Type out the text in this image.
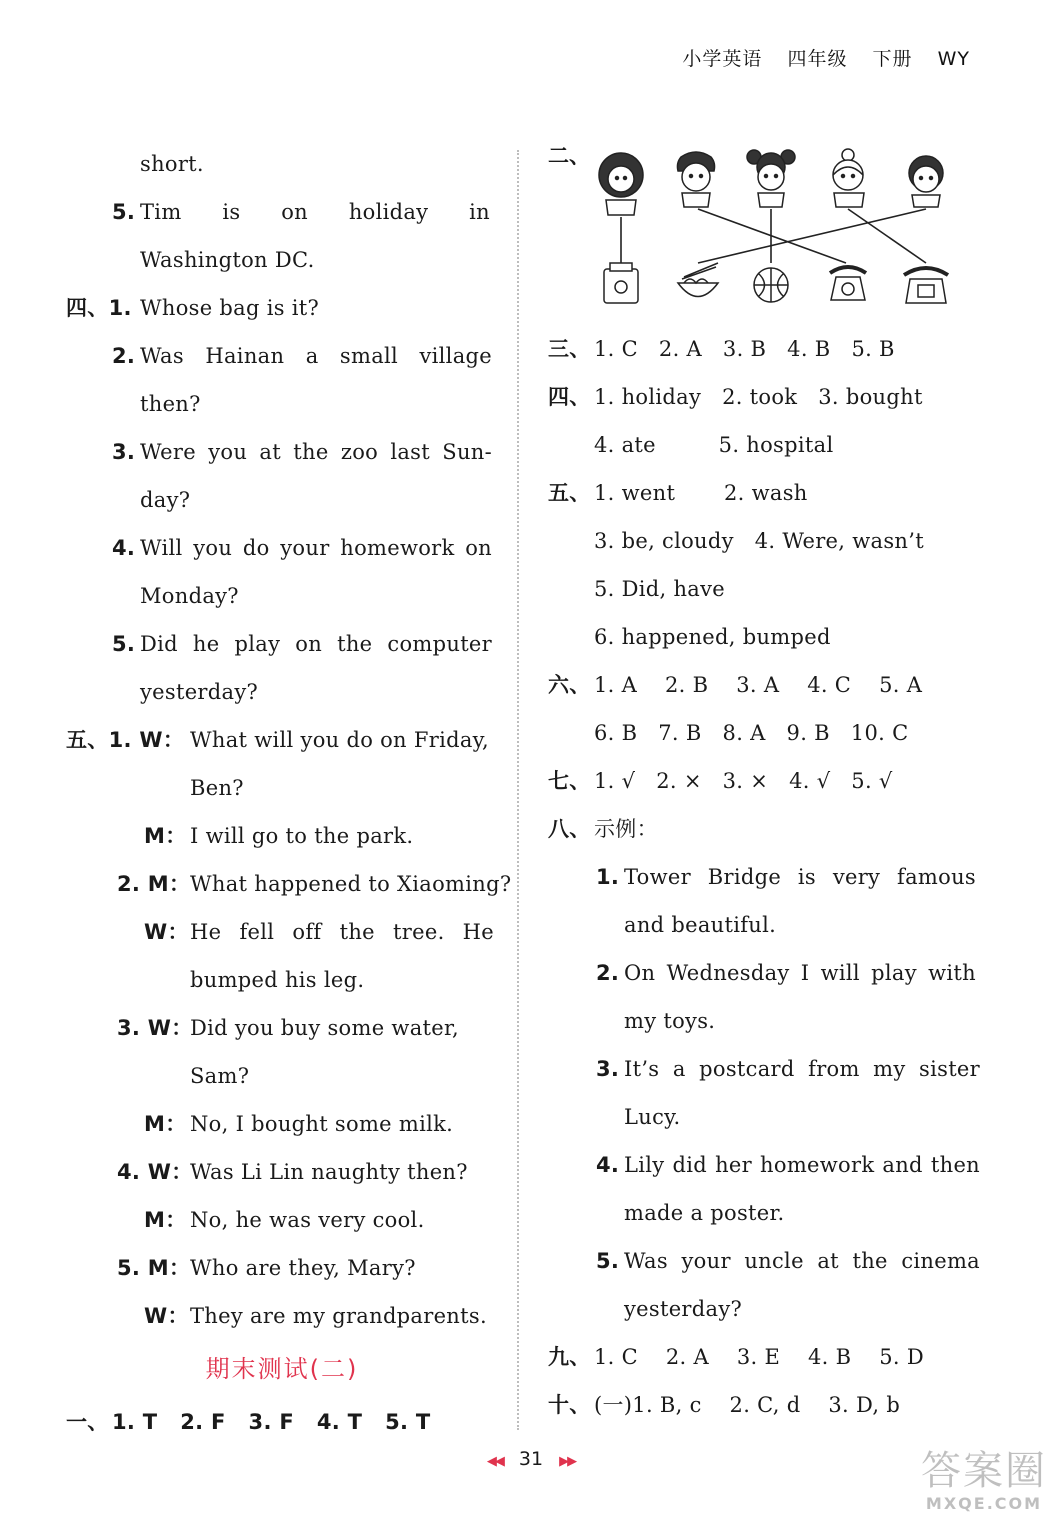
小学英语 四年级 下册 WY
short.
5. Tim is on holiday in
Washington DC.
四、1. Whose bag is it?
2. Was Hainan a small village
then?
3. Were you at the zoo last Sun-
day?
4. Will you do your homework on
Monday?
5. Did he play on the computer
yesterday?
五、1. W： What will you do on Friday,
Ben?
M： I will go to the park.
2. M： What happened to Xiaoming?
W： He fell off the tree. He
bumped his leg.
3. W：
Did you buy some water,
Sam?
M： No, I bought some milk.
4. W：
Was Li Lin naughty then?
M： No, he was very cool.
5. M： Who are they, Mary?
W： They are my grandparents.
期末测试(二)
一、 1. T   2. F   3. F   4. T   5. T
二、
三、 1. C   2. A   3. B   4. B   5. B
四、 1. holiday   2. took   3. bought
4. ate         5. hospital
五、 1. went       2. wash
3. be, cloudy   4. Were, wasn’t
5. Did, have
6. happened, bumped
六、 1. A    2. B    3. A    4. C    5. A
6. B   7. B   8. A   9. B   10. C
七、 1. √   2. ×   3. ×   4. √   5. √
八、 示例：
1. Tower Bridge is very famous
and beautiful.
2. On Wednesday I will play with
my toys.
3. It’s a postcard from my sister
Lucy.
4. Lily did her homework and then
made a poster.
5. Was your uncle at the cinema
yesterday?
九、 1. C    2. A    3. E    4. B    5. D
十、 (一)1. B, c    2. C, d    3. D, b
◀◀ 31 ▶▶	答案圈
MXQE.COM
